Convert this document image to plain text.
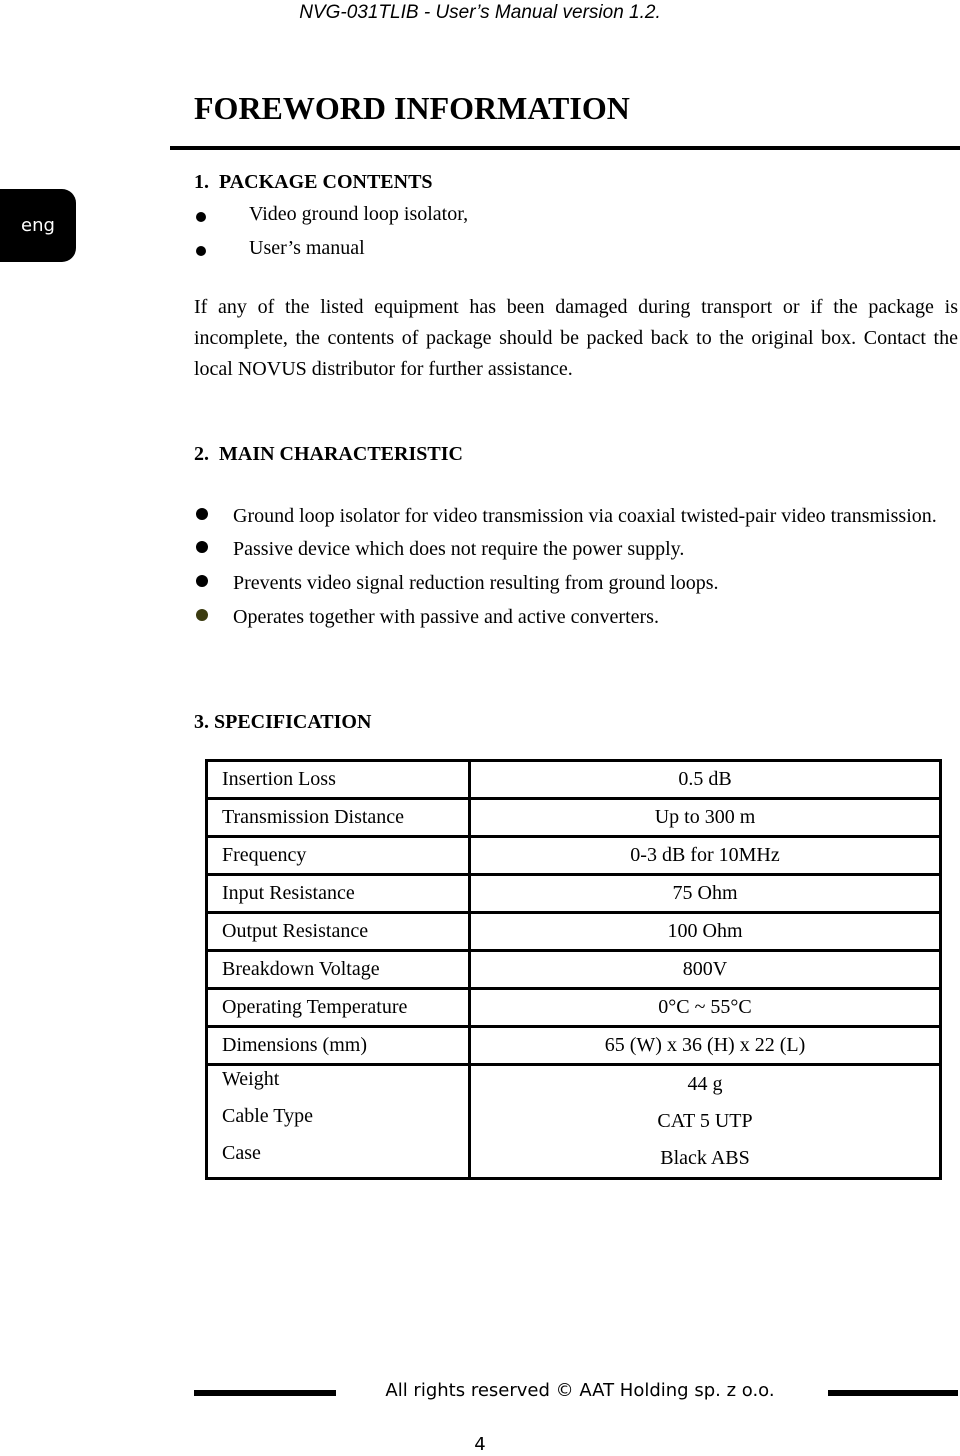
NVG-031TLIB - User’s Manual version 1.2.
eng
FOREWORD INFORMATION
1.  PACKAGE CONTENTS
Video ground loop isolator,
User’s manual

If any of the listed equipment has been damaged during transport or if the package is incomplete, the contents of package should be packed back to the original box. Contact the local NOVUS distributor for further assistance.

2.  MAIN CHARACTERISTIC
Ground loop isolator for video transmission via coaxial twisted-pair video transmission.
Passive device which does not require the power supply.
Prevents video signal reduction resulting from ground loops.
Operates together with passive and active converters.
3. SPECIFICATION
Insertion Loss	0.5 dB
Transmission Distance	Up to 300 m
Frequency	0-3 dB for 10MHz
Input Resistance	75 Ohm
Output Resistance	100 Ohm
Breakdown Voltage	800V
Operating Temperature	0°C ~ 55°C
Dimensions (mm)	65 (W) x 36 (H) x 22 (L)
Weight	44 g
Cable Type	CAT 5 UTP
Case	Black ABS
All rights reserved © AAT Holding sp. z o.o.
4
